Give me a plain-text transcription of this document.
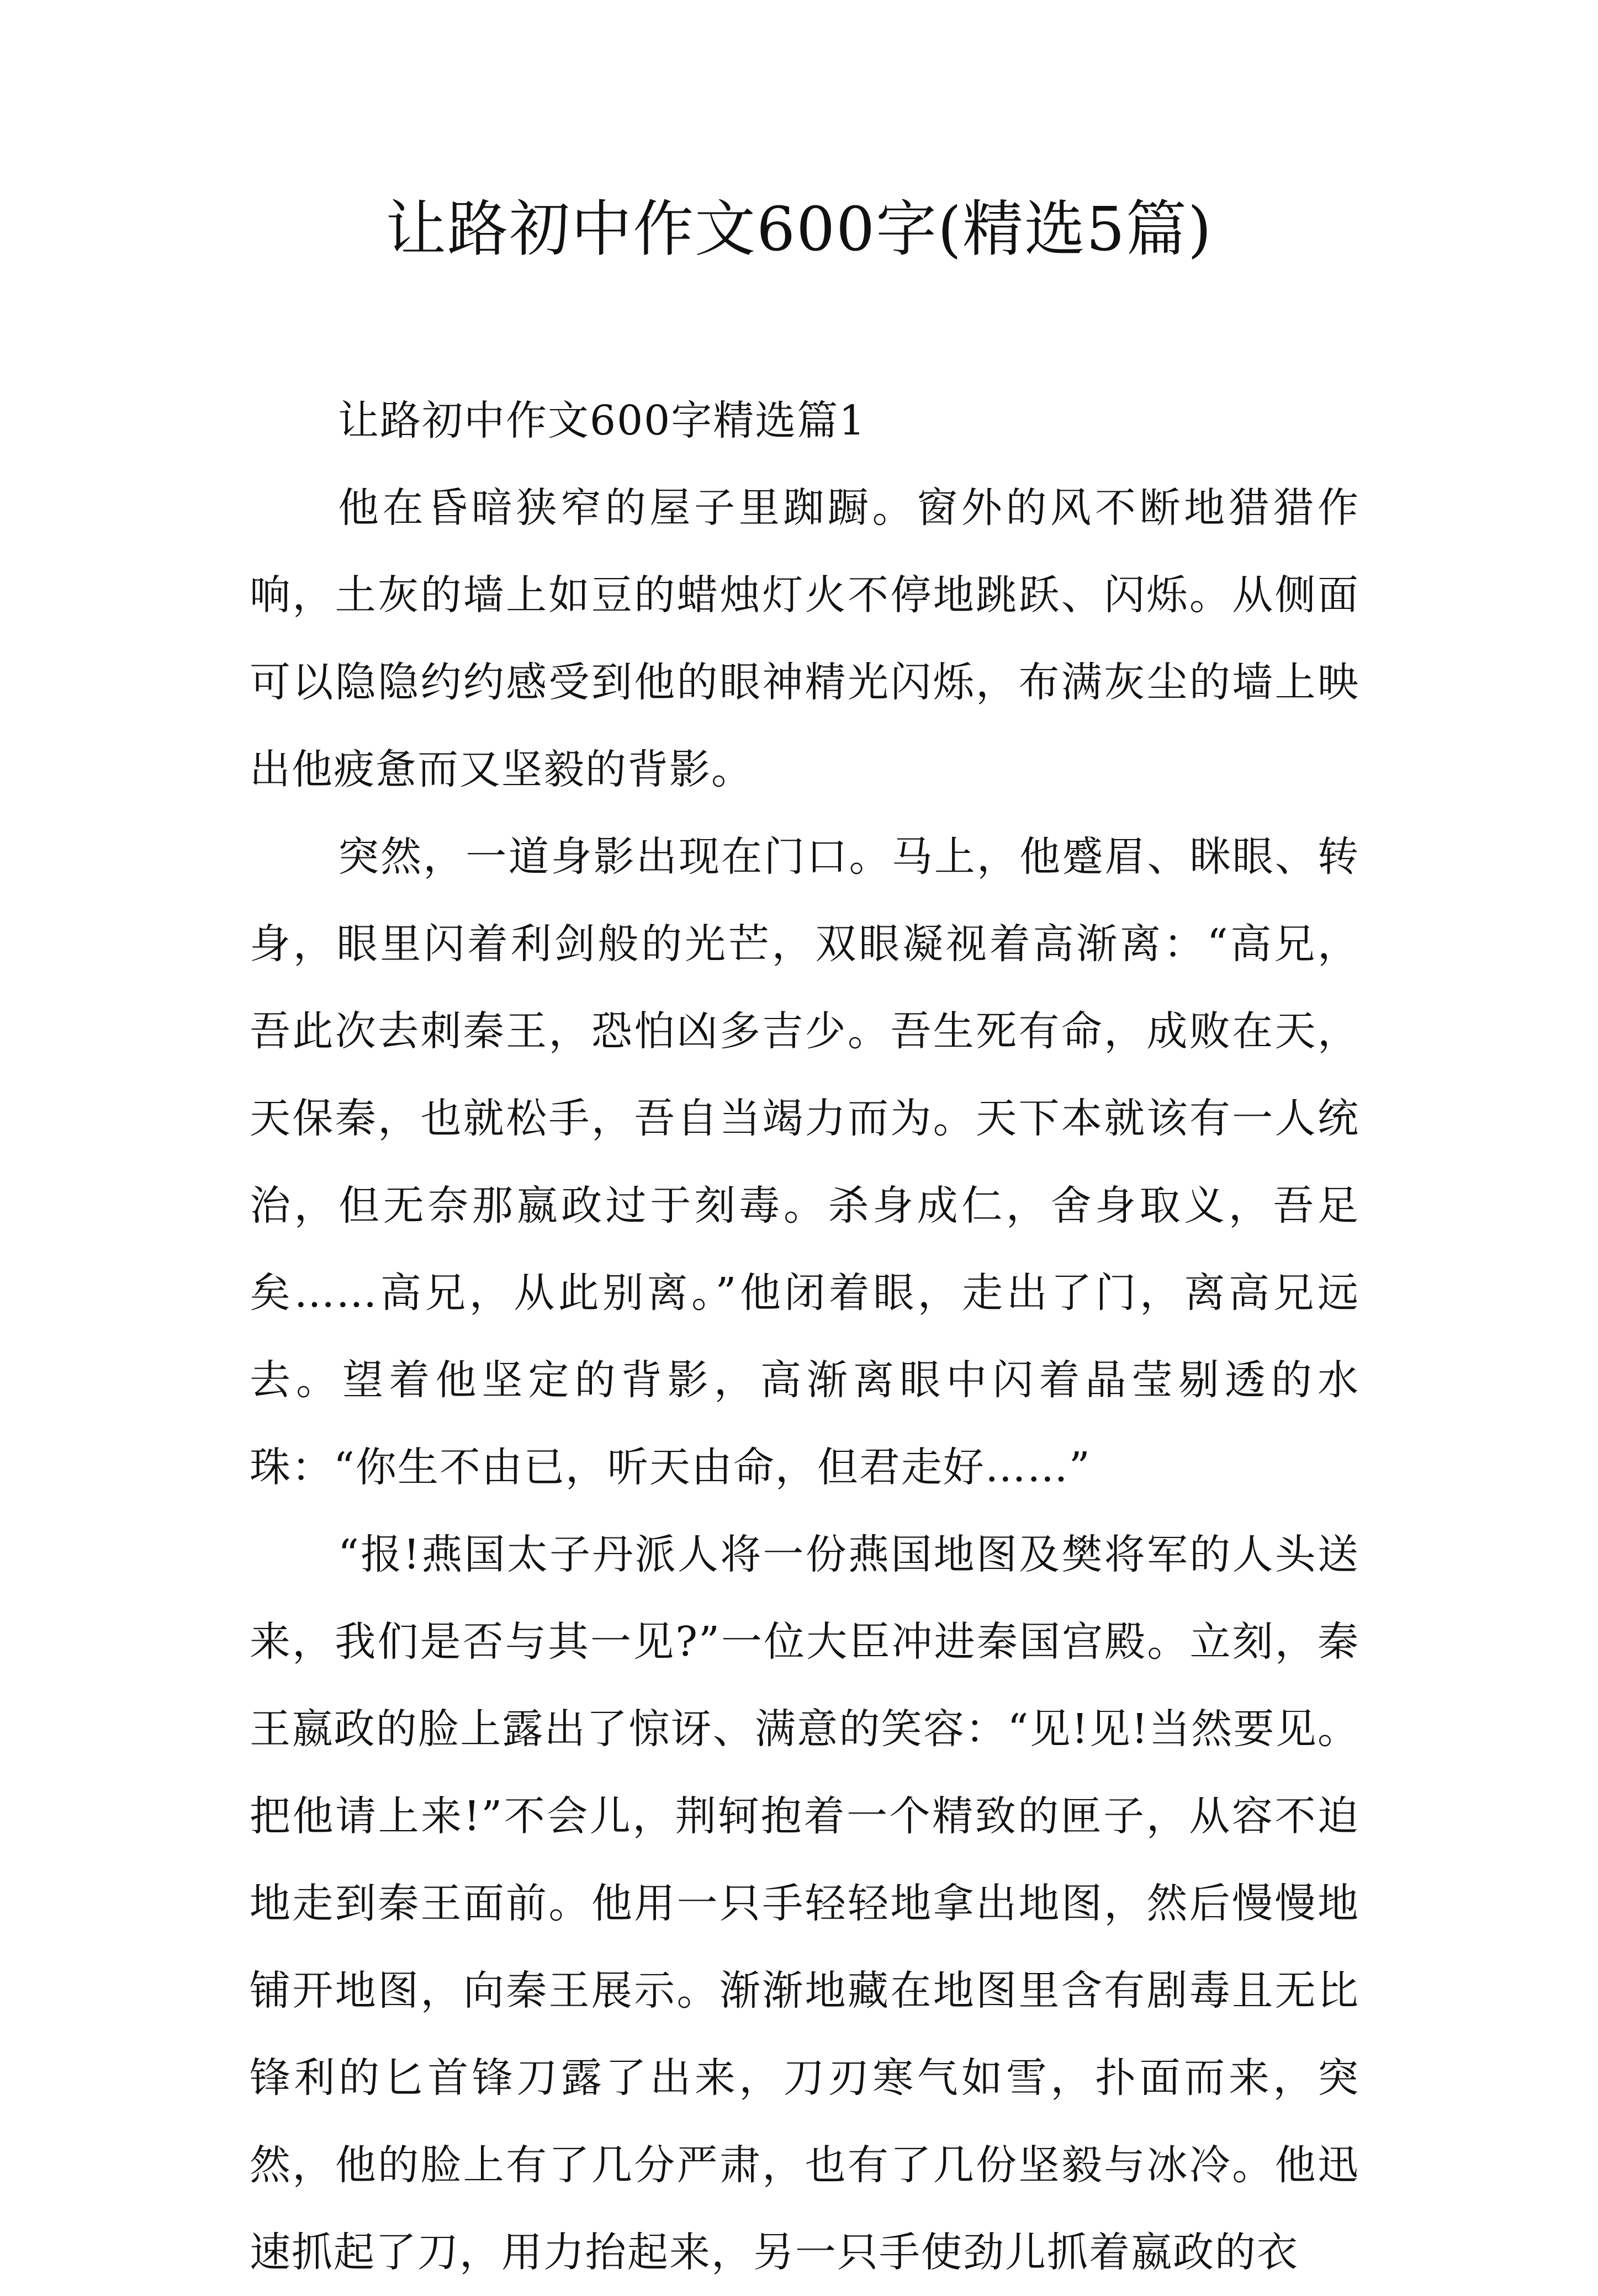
让路初中作文600字(精选5篇)

让路初中作文600字精选篇1

他在昏暗狭窄的屋子里踟蹰。窗外的风不断地猎猎作响，土灰的墙上如豆的蜡烛灯火不停地跳跃、闪烁。从侧面可以隐隐约约感受到他的眼神精光闪烁，布满灰尘的墙上映出他疲惫而又坚毅的背影。

突然，一道身影出现在门口。马上，他蹙眉、眯眼、转身，眼里闪着利剑般的光芒，双眼凝视着高渐离：“高兄，吾此次去刺秦王，恐怕凶多吉少。吾生死有命，成败在天，天保秦，也就松手，吾自当竭力而为。天下本就该有一人统治，但无奈那嬴政过于刻毒。杀身成仁，舍身取义，吾足矣……高兄，从此别离。”他闭着眼，走出了门，离高兄远去。望着他坚定的背影，高渐离眼中闪着晶莹剔透的水珠：“你生不由已，听天由命，但君走好……”

“报!燕国太子丹派人将一份燕国地图及樊将军的人头送来，我们是否与其一见?”一位大臣冲进秦国宫殿。立刻，秦王嬴政的脸上露出了惊讶、满意的笑容：“见!见!当然要见。把他请上来!”不会儿，荆轲抱着一个精致的匣子，从容不迫地走到秦王面前。他用一只手轻轻地拿出地图，然后慢慢地铺开地图，向秦王展示。渐渐地藏在地图里含有剧毒且无比锋利的匕首锋刀露了出来，刀刃寒气如雪，扑面而来，突然，他的脸上有了几分严肃，也有了几份坚毅与冰冷。他迅速抓起了刀，用力抬起来，另一只手使劲儿抓着嬴政的衣
